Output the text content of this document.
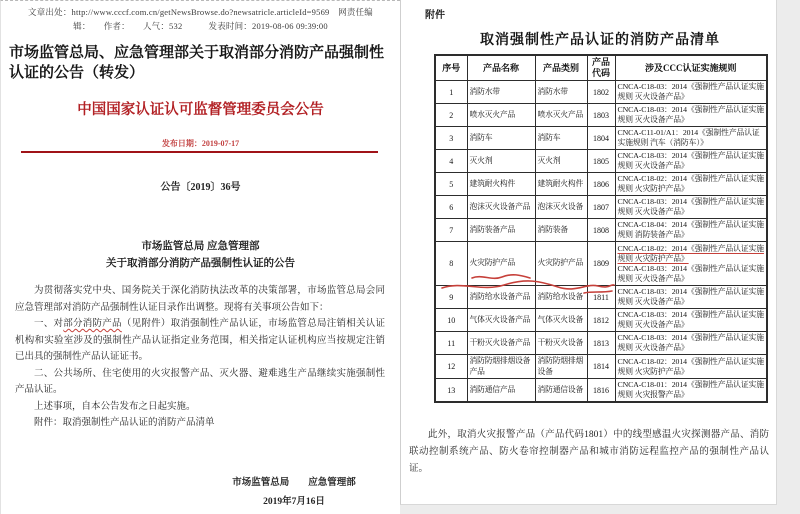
文章出处：http://www.cccf.com.cn/getNewsBrowse.do?newsatricle.articleId=9569　网责任编
辑：　　作者：　　人气：532　　　发表时间：2019-08-06 09:39:00
市场监管总局、应急管理部关于取消部分消防产品强制性认证的公告（转发）
中国国家认证认可监督管理委员会公告
发布日期：2019-07-17
公告〔2019〕36号
市场监管总局 应急管理部
关于取消部分消防产品强制性认证的公告

为贯彻落实党中央、国务院关于深化消防执法改革的决策部署，市场监管总局会同应急管理部对消防产品强制性认证目录作出调整。现将有关事项公告如下：

一、对部分消防产品（见附件）取消强制性产品认证，市场监管总局注销相关认证机构和实验室涉及的强制性产品认证指定业务范围，相关指定认证机构应当按规定注销已出具的强制性产品认证证书。

二、公共场所、住宅使用的火灾报警产品、灭火器、避难逃生产品继续实施强制性产品认证。

上述事项，自本公告发布之日起实施。

附件：取消强制性产品认证的消防产品清单

市场监管总局　　应急管理部
2019年7月16日
附件
取消强制性产品认证的消防产品清单
序号	产品名称	产品类别	产品代码	涉及CCC认证实施规则
1	消防水带	消防水带	1802	CNCA-C18-03：2014《强制性产品认证实施规则 灭火设备产品》
2	喷水灭火产品	喷水灭火产品	1803	CNCA-C18-03：2014《强制性产品认证实施规则 灭火设备产品》
3	消防车	消防车	1804	CNCA-C11-01/A1：2014《强制性产品认证实施规则 汽车（消防车）》
4	灭火剂	灭火剂	1805	CNCA-C18-03：2014《强制性产品认证实施规则 灭火设备产品》
5	建筑耐火构件	建筑耐火构件	1806	CNCA-C18-02：2014《强制性产品认证实施规则 火灾防护产品》
6	泡沫灭火设备产品	泡沫灭火设备	1807	CNCA-C18-03：2014《强制性产品认证实施规则 灭火设备产品》
7	消防装备产品	消防装备	1808	CNCA-C18-04：2014《强制性产品认证实施规则 消防装备产品》
8	火灾防护产品	火灾防护产品	1809	CNCA-C18-02：2014《强制性产品认证实施规则 火灾防护产品》
CNCA-C18-03：2014《强制性产品认证实施规则 灭火设备产品》

9	消防给水设备产品	消防给水设备	1811	CNCA-C18-03：2014《强制性产品认证实施规则 灭火设备产品》
10	气体灭火设备产品	气体灭火设备	1812	CNCA-C18-03：2014《强制性产品认证实施规则 灭火设备产品》
11	干粉灭火设备产品	干粉灭火设备	1813	CNCA-C18-03：2014《强制性产品认证实施规则 灭火设备产品》
12	消防防烟排烟设备产品	消防防烟排烟设备	1814	CNCA-C18-02：2014《强制性产品认证实施规则 火灾防护产品》
13	消防通信产品	消防通信设备	1816	CNCA-C18-01：2014《强制性产品认证实施规则 火灾报警产品》
此外，取消火灾报警产品（产品代码1801）中的线型感温火灾探测器产品、消防联动控制系统产品、防火卷帘控制器产品和城市消防远程监控产品的强制性产品认证。
